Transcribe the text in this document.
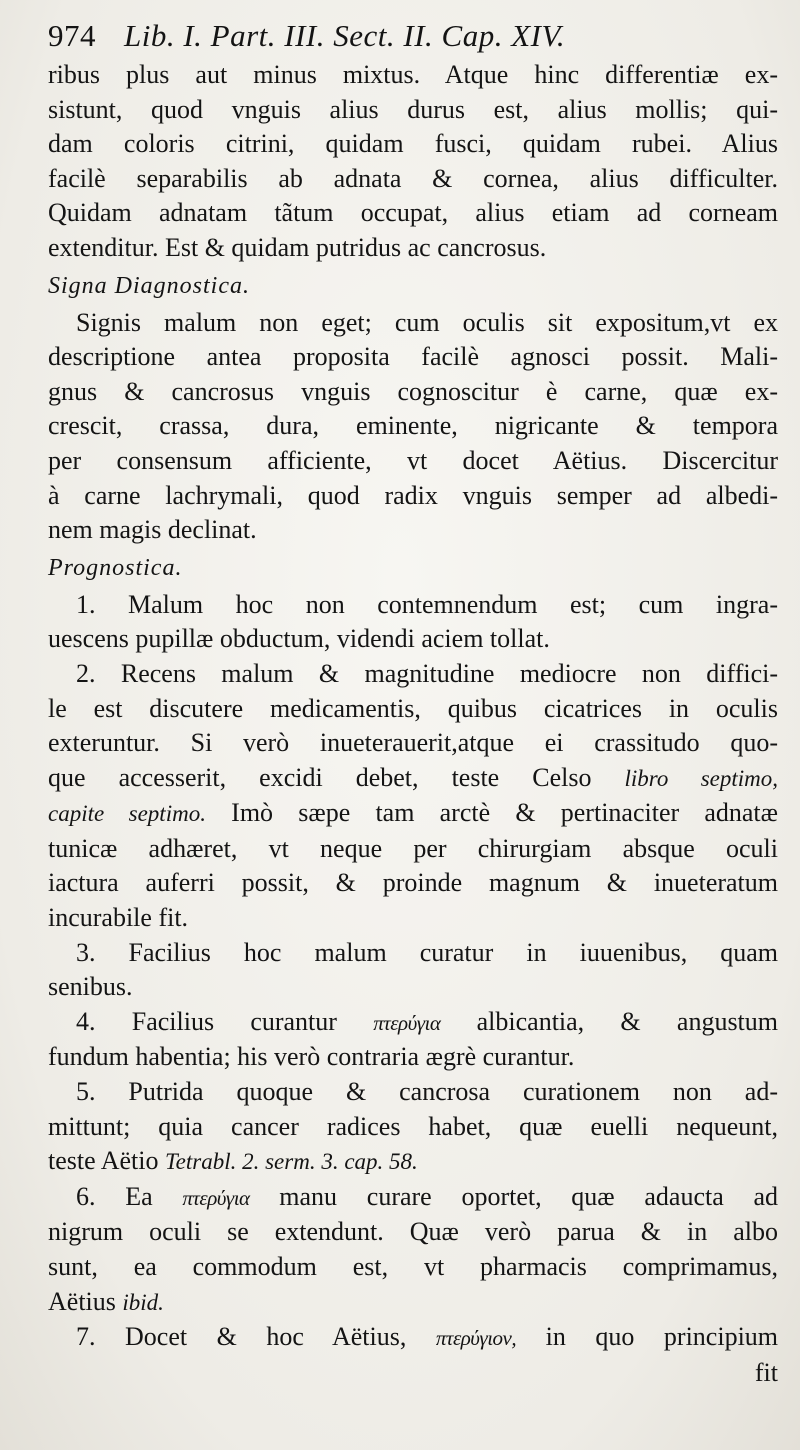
974 Lib. I. Part. III. Sect. II. Cap. XIV.
ribus plus aut minus mixtus. Atque hinc differentiæ ex-
sistunt, quod vnguis alius durus est, alius mollis; qui-
dam coloris citrini, quidam fusci, quidam rubei. Alius
facilè separabilis ab adnata & cornea, alius difficulter.
Quidam adnatam tãtum occupat, alius etiam ad corneam
extenditur. Est & quidam putridus ac cancrosus.
Signa Diagnostica.
Signis malum non eget; cum oculis sit expositum,vt ex
descriptione antea proposita facilè agnosci possit. Mali-
gnus & cancrosus vnguis cognoscitur è carne, quæ ex-
crescit, crassa, dura, eminente, nigricante & tempora
per consensum afficiente, vt docet Aëtius. Discercitur
à carne lachrymali, quod radix vnguis semper ad albedi-
nem magis declinat.
Prognostica.
1. Malum hoc non contemnendum est; cum ingra-
uescens pupillæ obductum, videndi aciem tollat.
2. Recens malum & magnitudine mediocre non diffici-
le est discutere medicamentis, quibus cicatrices in oculis
exteruntur. Si verò inueterauerit,atque ei crassitudo quo-
que accesserit, excidi debet, teste Celso libro septimo,
capite septimo. Imò sæpe tam arctè & pertinaciter adnatæ
tunicæ adhæret, vt neque per chirurgiam absque oculi
iactura auferri possit, & proinde magnum & inueteratum
incurabile fit.
3. Facilius hoc malum curatur in iuuenibus, quam
senibus.
4. Facilius curantur πτερύγια albicantia, & angustum
fundum habentia; his verò contraria ægrè curantur.
5. Putrida quoque & cancrosa curationem non ad-
mittunt; quia cancer radices habet, quæ euelli nequeunt,
teste Aëtio Tetrabl. 2. serm. 3. cap. 58.
6. Ea πτερύγια manu curare oportet, quæ adaucta ad
nigrum oculi se extendunt. Quæ verò parua & in albo
sunt, ea commodum est, vt pharmacis comprimamus,
Aëtius ibid.
7. Docet & hoc Aëtius, πτερύγιον, in quo principium
fit
